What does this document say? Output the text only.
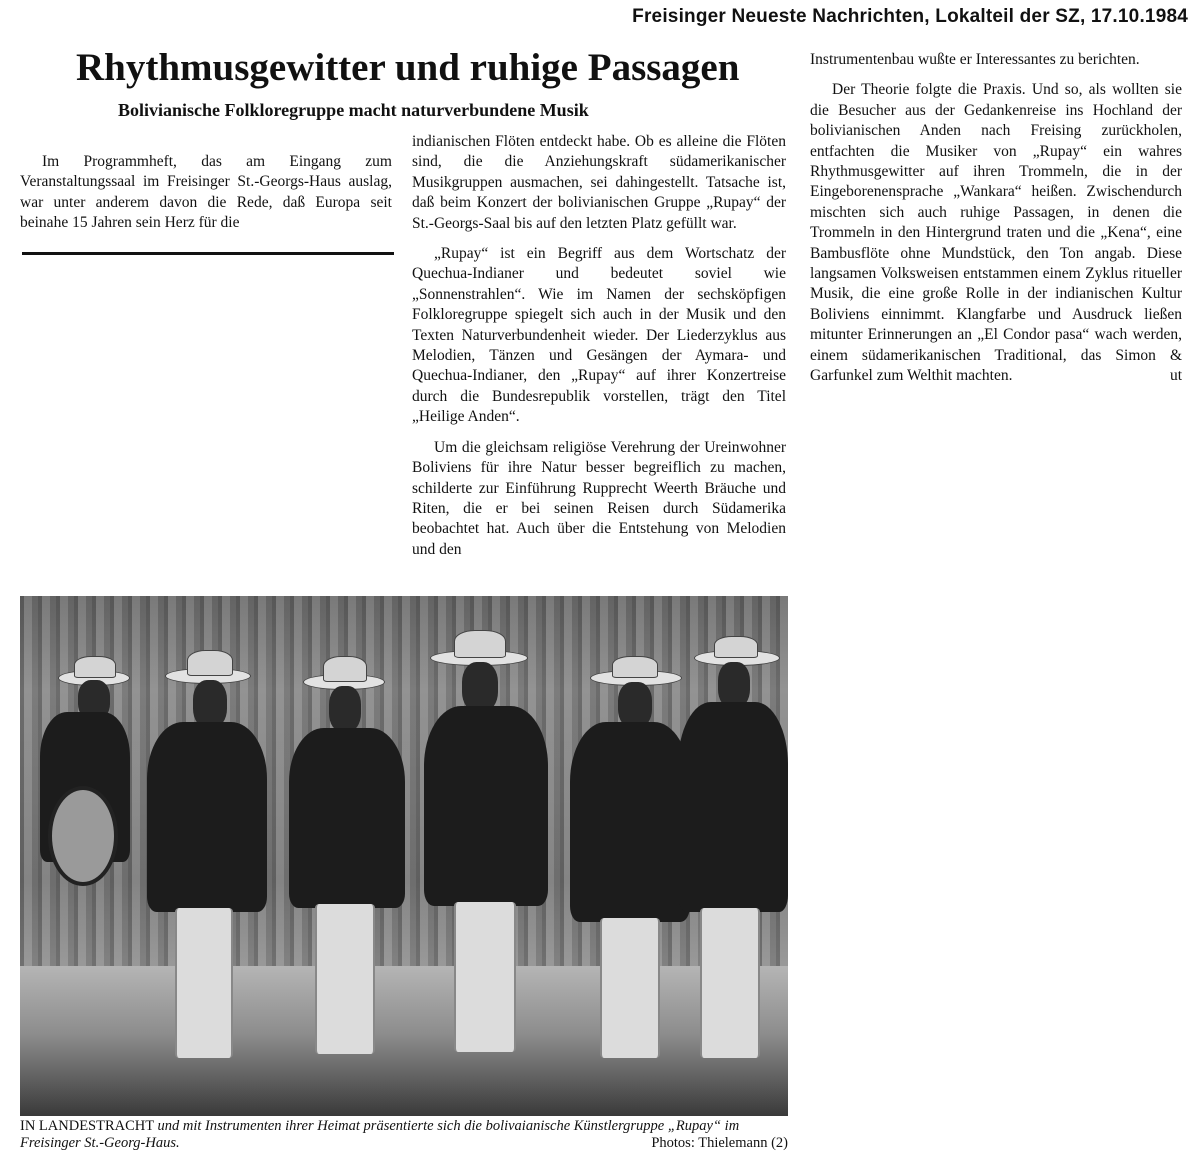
Freisinger Neueste Nachrichten, Lokalteil der SZ, 17.10.1984
Rhythmusgewitter und ruhige Passagen
Bolivianische Folkloregruppe macht naturverbundene Musik

Im Programmheft, das am Eingang zum Veranstaltungssaal im Freisinger St.-Georgs-Haus auslag, war unter anderem davon die Rede, daß Europa seit beinahe 15 Jahren sein Herz für die

indianischen Flöten entdeckt habe. Ob es alleine die Flöten sind, die die Anziehungskraft südamerikanischer Musikgruppen ausmachen, sei dahingestellt. Tatsache ist, daß beim Konzert der bolivianischen Gruppe „Rupay“ der St.-Georgs-Saal bis auf den letzten Platz gefüllt war.

„Rupay“ ist ein Begriff aus dem Wortschatz der Quechua-Indianer und bedeutet soviel wie „Sonnenstrahlen“. Wie im Namen der sechsköpfigen Folkloregruppe spiegelt sich auch in der Musik und den Texten Naturverbundenheit wieder. Der Liederzyklus aus Melodien, Tänzen und Gesängen der Aymara- und Quechua-Indianer, den „Rupay“ auf ihrer Konzertreise durch die Bundesrepublik vorstellen, trägt den Titel „Heilige Anden“.

Um die gleichsam religiöse Verehrung der Ureinwohner Boliviens für ihre Natur besser begreiflich zu machen, schilderte zur Einführung Rupprecht Weerth Bräuche und Riten, die er bei seinen Reisen durch Südamerika beobachtet hat. Auch über die Entstehung von Melodien und den

Instrumentenbau wußte er Interessantes zu berichten.

Der Theorie folgte die Praxis. Und so, als wollten sie die Besucher aus der Gedankenreise ins Hochland der bolivianischen Anden nach Freising zurückholen, entfachten die Musiker von „Rupay“ ein wahres Rhythmusgewitter auf ihren Trommeln, die in der Eingeborenensprache „Wankara“ heißen. Zwischendurch mischten sich auch ruhige Passagen, in denen die Trommeln in den Hintergrund traten und die „Kena“, eine Bambusflöte ohne Mundstück, den Ton angab. Diese langsamen Volksweisen entstammen einem Zyklus ritueller Musik, die eine große Rolle in der indianischen Kultur Boliviens einnimmt. Klangfarbe und Ausdruck ließen mitunter Erinnerungen an „El Condor pasa“ wach werden, einem südamerikanischen Traditional, das Simon & Garfunkel zum Welthit machten.	ut

IN LANDESTRACHT und mit Instrumenten ihrer Heimat präsentierte sich die bolivaianische Künstlergruppe „Rupay“ im Freisinger St.-Georg-Haus.	Photos: Thielemann (2)
